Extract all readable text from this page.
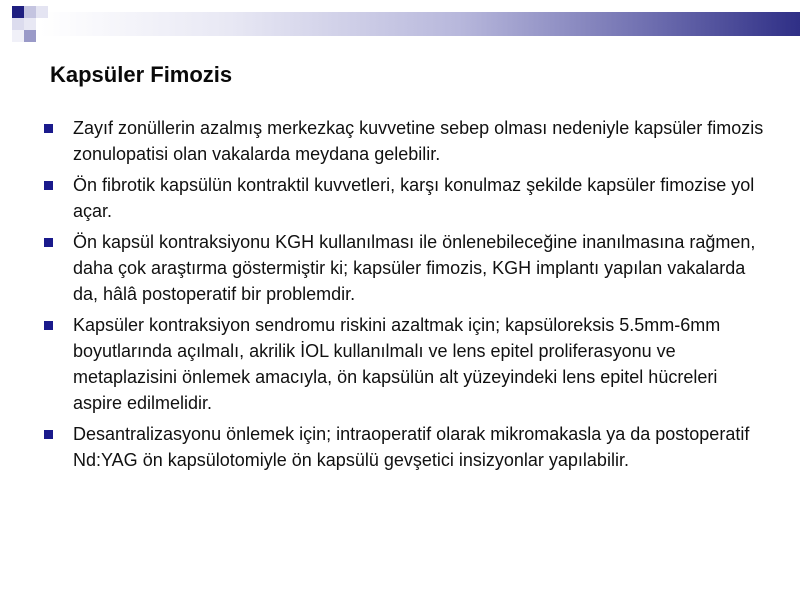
Kapsüler Fimozis
Zayıf zonüllerin azalmış merkezkaç kuvvetine sebep olması nedeniyle kapsüler fimozis zonulopatisi olan vakalarda meydana gelebilir.
Ön fibrotik kapsülün kontraktil kuvvetleri, karşı konulmaz şekilde kapsüler fimozise yol açar.
Ön kapsül kontraksiyonu KGH kullanılması ile önlenebileceğine inanılmasına rağmen, daha çok araştırma göstermiştir ki; kapsüler fimozis, KGH implantı yapılan vakalarda da, hâlâ postoperatif bir problemdir.
Kapsüler kontraksiyon sendromu riskini azaltmak için; kapsüloreksis 5.5mm-6mm boyutlarında açılmalı, akrilik İOL kullanılmalı ve lens epitel proliferasyonu ve metaplazisini önlemek amacıyla, ön kapsülün alt yüzeyindeki lens epitel hücreleri aspire edilmelidir.
Desantralizasyonu önlemek için; intraoperatif olarak mikromakasla ya da postoperatif Nd:YAG ön kapsülotomiyle ön kapsülü gevşetici insizyonlar yapılabilir.
